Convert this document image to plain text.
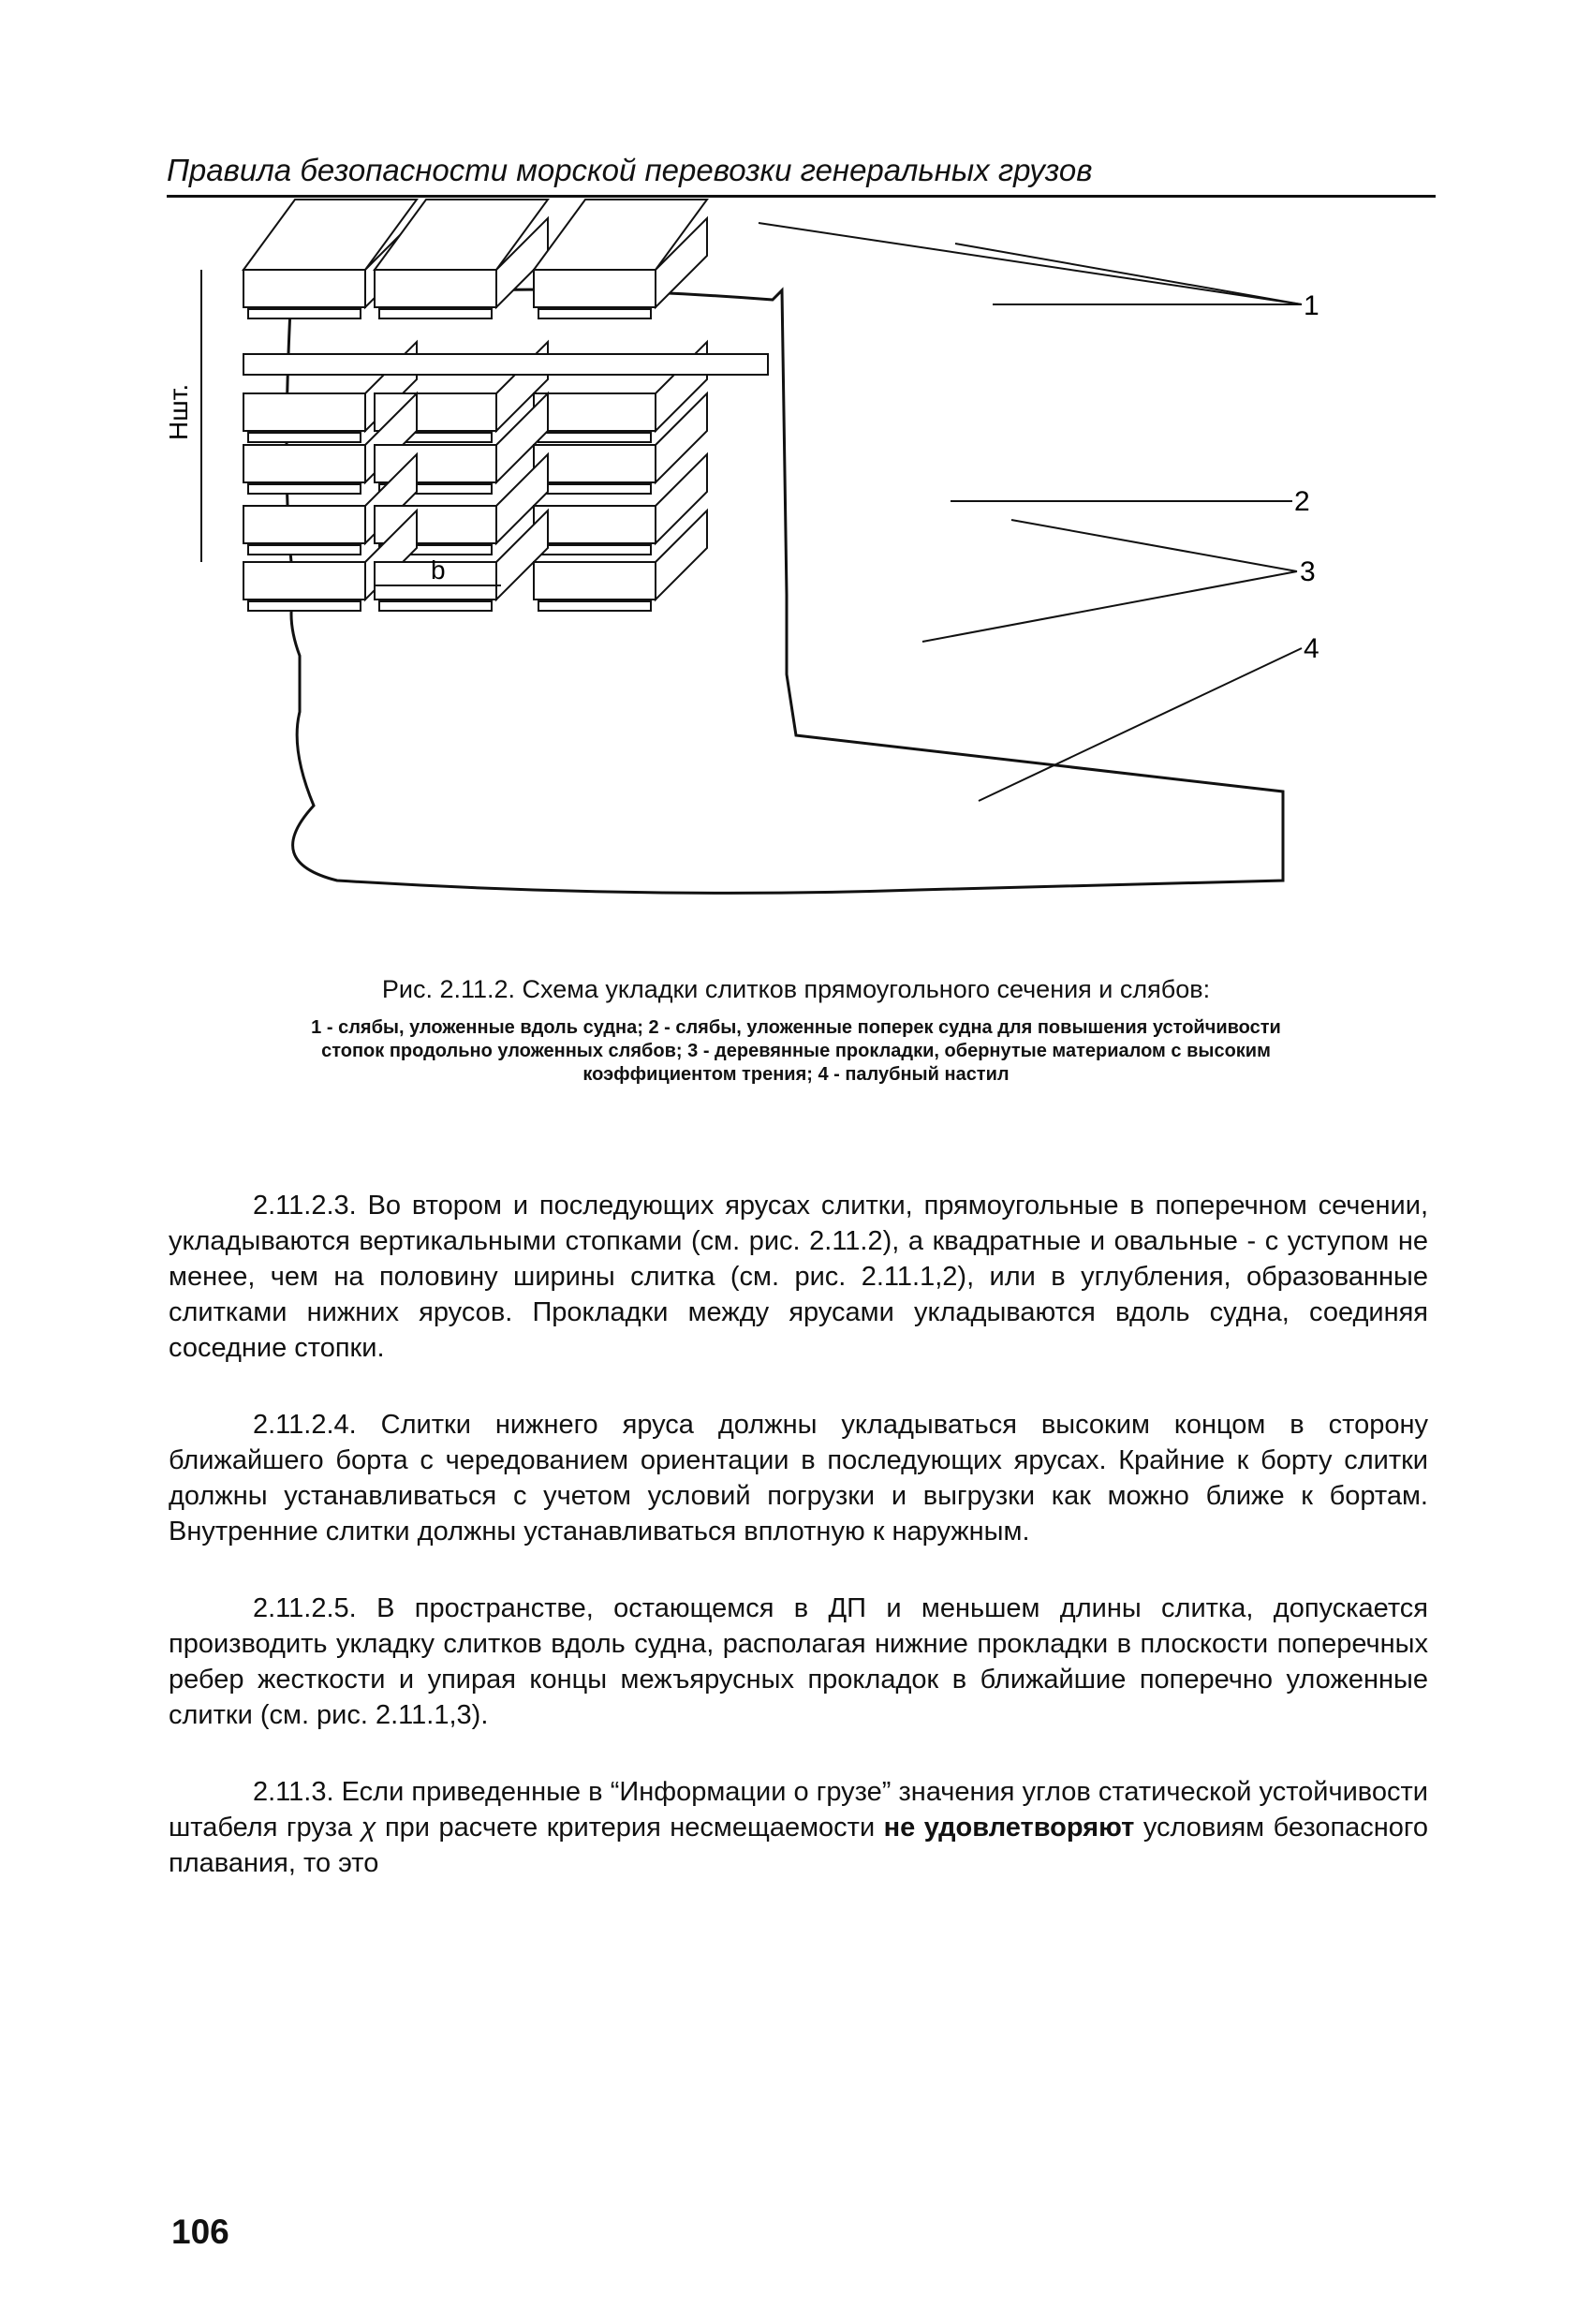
Правила безопасности морской перевозки генеральных грузов
1
2
3
4
Hшт.
b

Рис. 2.11.2. Схема укладки слитков прямоугольного сечения и слябов:

1 - слябы, уложенные вдоль судна; 2 - слябы, уложенные поперек судна для повышения устойчивости стопок продольно уложенных слябов; 3 - деревянные прокладки, обернутые материалом с высоким коэффициентом трения; 4 - палубный настил

2.11.2.3. Во втором и последующих ярусах слитки, прямоугольные в поперечном сечении, укладываются вертикальными стопками (см. рис. 2.11.2), а квадратные и овальные - с уступом не менее, чем на половину ширины слитка (см. рис. 2.11.1,2), или в углубления, образованные слитками нижних ярусов. Прокладки между ярусами укладываются вдоль судна, соединяя соседние стопки.

2.11.2.4. Слитки нижнего яруса должны укладываться высоким концом в сторону ближайшего борта с чередованием ориентации в последующих ярусах. Крайние к борту слитки должны устанавливаться с учетом условий погрузки и выгрузки как можно ближе к бортам. Внутренние слитки должны устанавливаться вплотную к наружным.

2.11.2.5. В пространстве, остающемся в ДП и меньшем длины слитка, допускается производить укладку слитков вдоль судна, располагая нижние прокладки в плоскости поперечных ребер жесткости и упирая концы межъярусных прокладок в ближайшие поперечно уложенные слитки (см. рис. 2.11.1,3).

2.11.3. Если приведенные в “Информации о грузе” значения углов статической устойчивости штабеля груза χ при расчете критерия несмещаемости не удовлетворяют условиям безопасного плавания, то это

106
